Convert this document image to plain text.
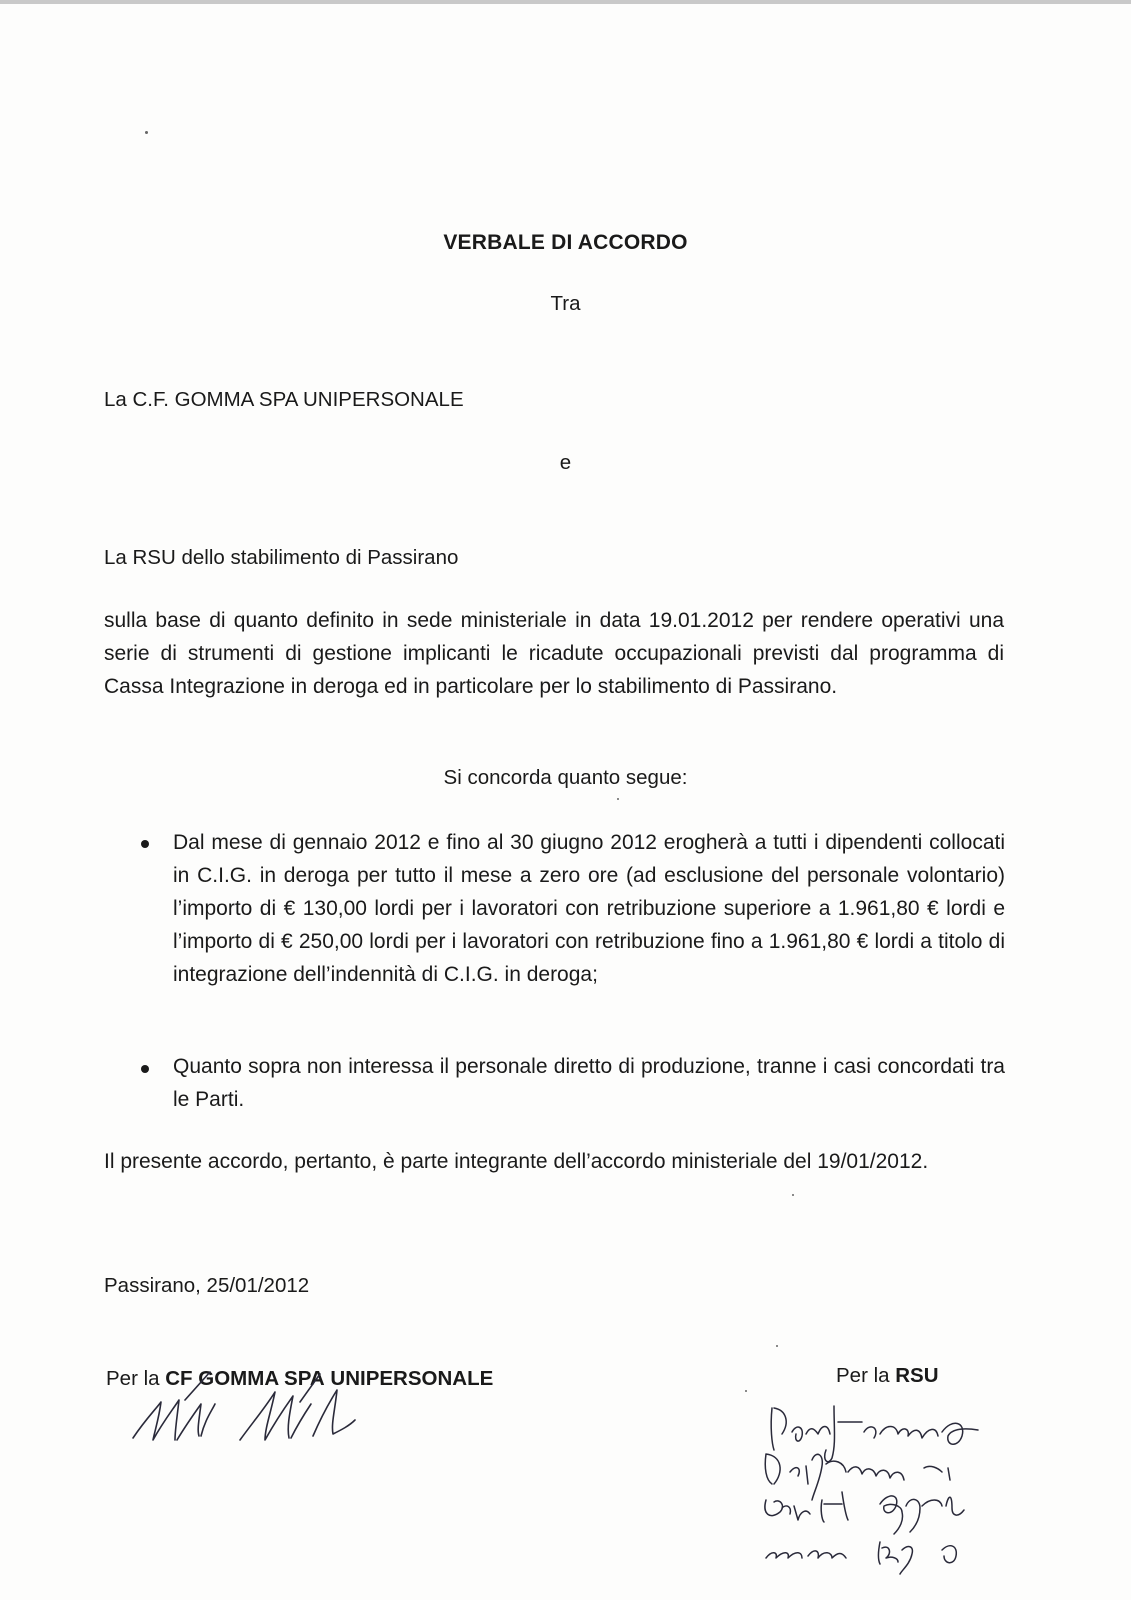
VERBALE DI ACCORDO
Tra
La C.F. GOMMA SPA UNIPERSONALE
e
La RSU dello stabilimento di Passirano
sulla base di quanto definito in sede ministeriale in data 19.01.2012 per rendere operativi una serie di strumenti di gestione implicanti le ricadute occupazionali previsti dal programma di Cassa Integrazione in deroga ed in particolare per lo stabilimento di Passirano.
Si concorda quanto segue:
Dal mese di gennaio 2012 e fino al 30 giugno 2012 erogherà a tutti i dipendenti collocati in C.I.G. in deroga per tutto il mese a zero ore (ad esclusione del personale volontario) l’importo di € 130,00 lordi per i lavoratori con retribuzione superiore a 1.961,80 € lordi e l’importo di € 250,00 lordi per i lavoratori con retribuzione fino a 1.961,80 € lordi a titolo di integrazione dell’indennità di C.I.G. in deroga;
Quanto sopra non interessa il personale diretto di produzione, tranne i casi concordati tra le Parti.
Il presente accordo, pertanto, è parte integrante dell’accordo ministeriale del 19/01/2012.
Passirano, 25/01/2012
Per la CF GOMMA SPA UNIPERSONALE	Per la RSU
